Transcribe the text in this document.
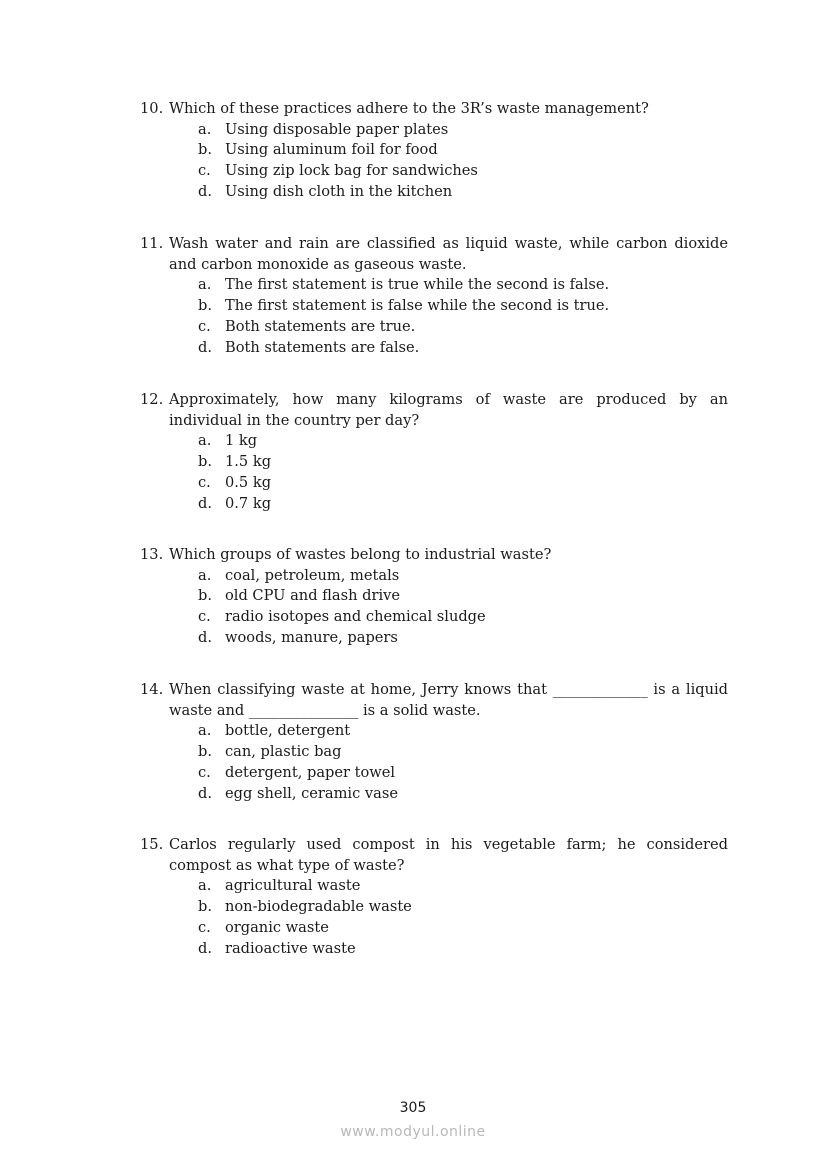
10. Which of these practices adhere to the 3R’s waste management?
a. Using disposable paper plates
b. Using aluminum foil for food
c. Using zip lock bag for sandwiches
d. Using dish cloth in the kitchen
11. Wash water and rain are classified as liquid waste, while carbon dioxide and carbon monoxide as gaseous waste.
a. The first statement is true while the second is false.
b. The first statement is false while the second is true.
c. Both statements are true.
d. Both statements are false.
12. Approximately, how many kilograms of waste are produced by an individual in the country per day?
a. 1 kg
b. 1.5 kg
c. 0.5 kg
d. 0.7 kg
13. Which groups of wastes belong to industrial waste?
a. coal, petroleum, metals
b. old CPU and flash drive
c. radio isotopes and chemical sludge
d. woods, manure, papers
14. When classifying waste at home, Jerry knows that _____________ is a liquid waste and _______________ is a solid waste.
a. bottle, detergent
b. can, plastic bag
c. detergent, paper towel
d. egg shell, ceramic vase
15. Carlos regularly used compost in his vegetable farm; he considered compost as what type of waste?
a. agricultural waste
b. non-biodegradable waste
c. organic waste
d. radioactive waste
305
www.modyul.online
